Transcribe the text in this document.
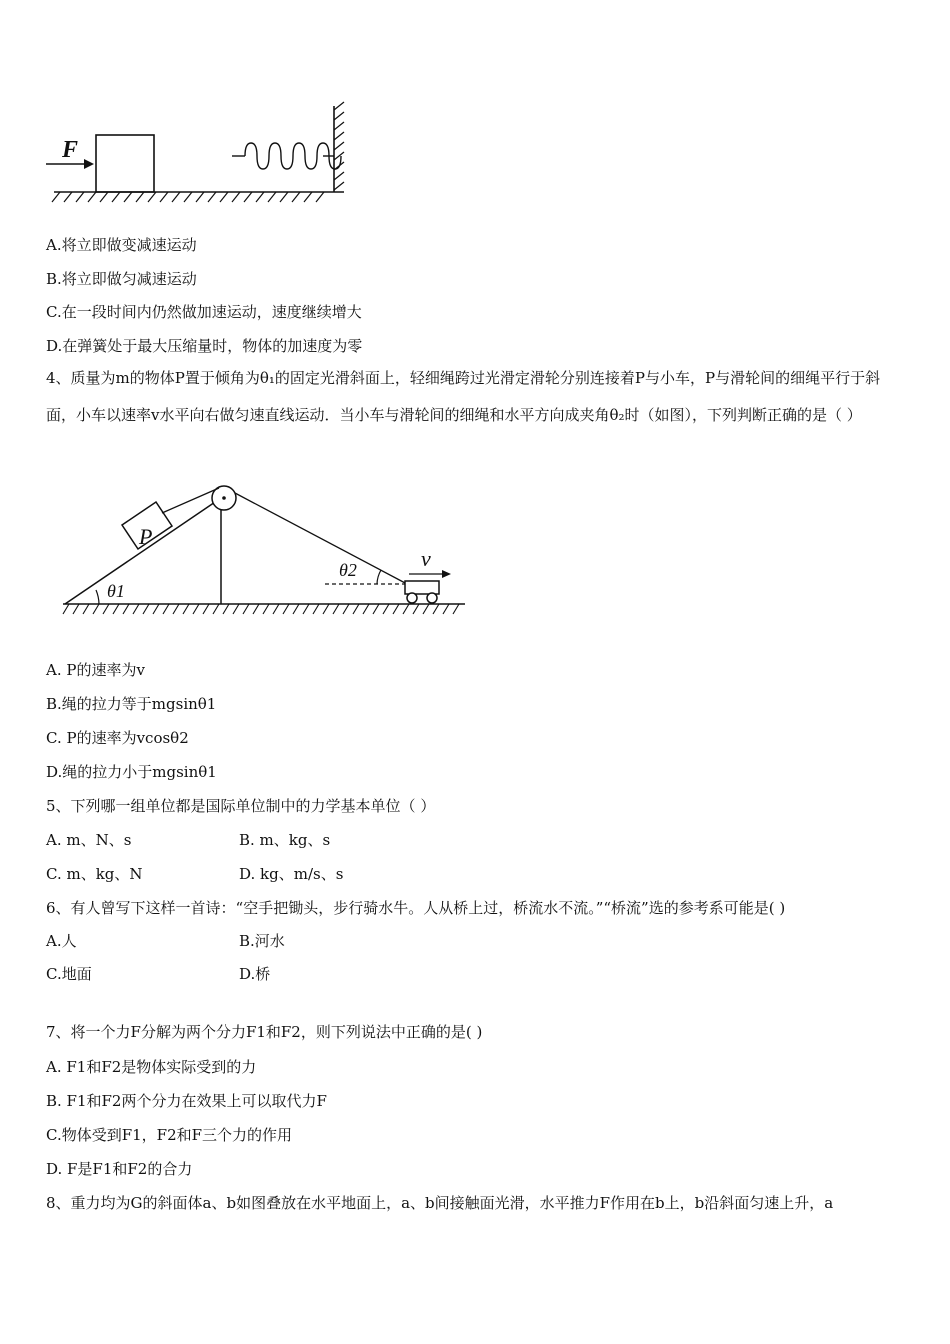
F
A.将立即做变减速运动
B.将立即做匀减速运动
C.在一段时间内仍然做加速运动，速度继续增大
D.在弹簧处于最大压缩量时，物体的加速度为零
4、质量为m的物体P置于倾角为θ₁的固定光滑斜面上，轻细绳跨过光滑定滑轮分别连接着P与小车，P与滑轮间的细绳平行于斜面，小车以速率v水平向右做匀速直线运动．当小车与滑轮间的细绳和水平方向成夹角θ₂时（如图），下列判断正确的是（ ）
P
θ1
θ2	v
A. P的速率为v
B.绳的拉力等于mgsinθ1
C. P的速率为vcosθ2
D.绳的拉力小于mgsinθ1
5、下列哪一组单位都是国际单位制中的力学基本单位（ ）
A. m、N、s	B. m、kg、s
C. m、kg、N	D. kg、m/s、s
6、有人曾写下这样一首诗：“空手把锄头，步行骑水牛。人从桥上过，桥流水不流。”“桥流”选的参考系可能是( )
A.人	B.河水
C.地面	D.桥
7、将一个力F分解为两个分力F1和F2，则下列说法中正确的是( )
A. F1和F2是物体实际受到的力
B. F1和F2两个分力在效果上可以取代力F
C.物体受到F1，F2和F三个力的作用
D. F是F1和F2的合力
8、重力均为G的斜面体a、b如图叠放在水平地面上，a、b间接触面光滑，水平推力F作用在b上，b沿斜面匀速上升，a
